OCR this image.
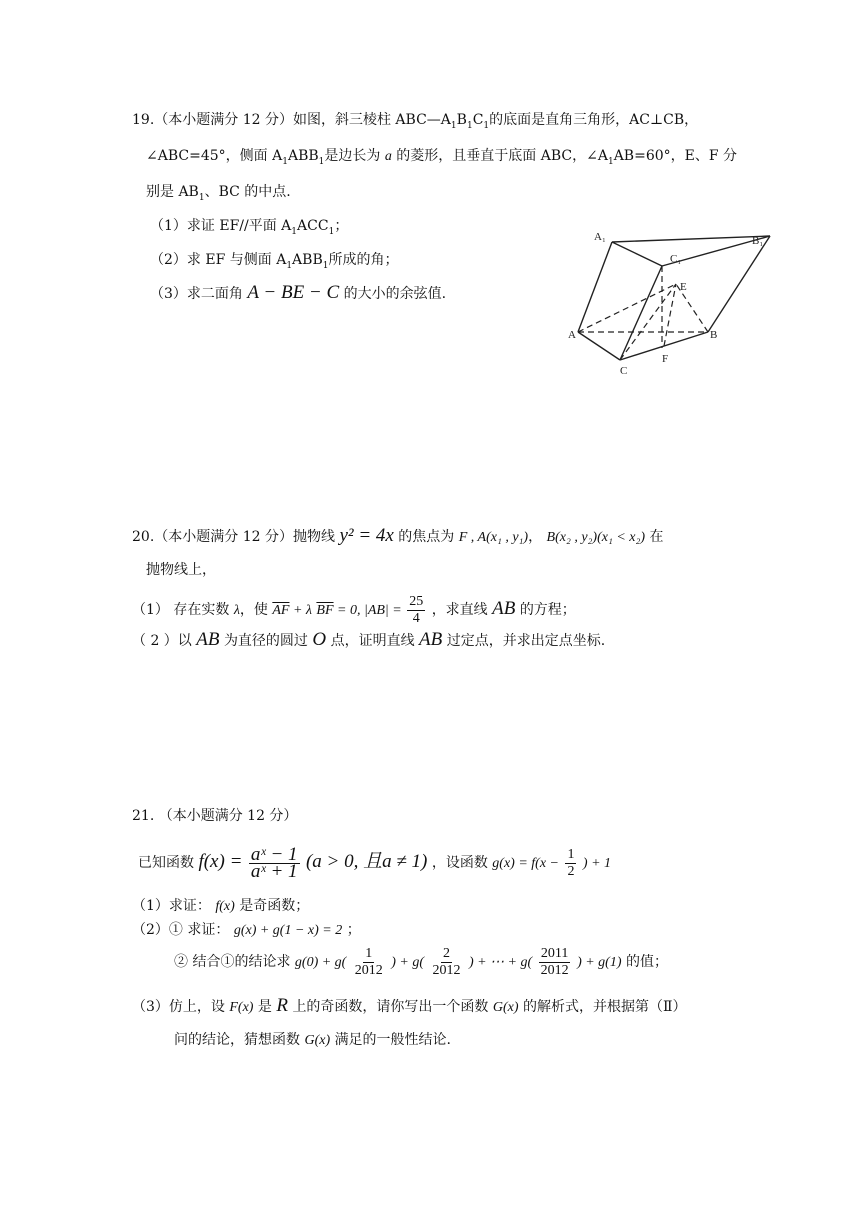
19.（本小题满分 12 分）如图，斜三棱柱 $ABC—A_1B_1C_1$的底面是直角三角形，AC⊥CB，
∠ABC=45°，侧面 $A_1ABB_1$是边长为 a 的菱形，且垂直于底面 ABC，$\angle A_1AB=60^\circ$，E、F 分
别是 $AB_1$、BC 的中点.
（1）求证 EF//平面 $A_1ACC_1$；
（2）求 EF 与侧面 $A_1ABB_1$所成的角；
（3）求二面角 A − BE − C 的大小的余弦值.
A₁	B₁
C₁
E
A	B
C
F
20.（本小题满分 12 分）抛物线 y² = 4x 的焦点为 F , A(x₁ , y₁)， B(x₂ , y₂)(x₁ < x₂) 在
抛物线上，
（1） 存在实数 λ，使 $\overline{AF} + \lambda$ $\overline{BF} = 0$, $|AB| = \frac{25}{4}$ ，求直线 AB 的方程；
（ 2 ）以 AB 为直径的圆过 O 点，证明直线 AB 过定点，并求出定点坐标.
21. （本小题满分 12 分）
已知函数 $f(x) = \frac{\text{aˣ − 1}}{\text{aˣ + 1}} (a > 0$, 且a ≠ 1) ，设函数 $g(x) = f(x - \frac{1}{2}$ ) + 1
（1）求证： f(x) 是奇函数；
（2）① 求证： g(x) + g(1 − x) = 2 ；
② 结合①的结论求 $g(0) + g( \frac{1}{2012}$ ) + $g( \frac{2}{2012}$ ) + ⋯ + $g( \frac{2011}{2012}$ ) + g(1) 的值；
（3）仿上，设 F(x) 是 R 上的奇函数，请你写出一个函数 G(x) 的解析式，并根据第（Ⅱ）
问的结论，猜想函数 G(x) 满足的一般性结论.
